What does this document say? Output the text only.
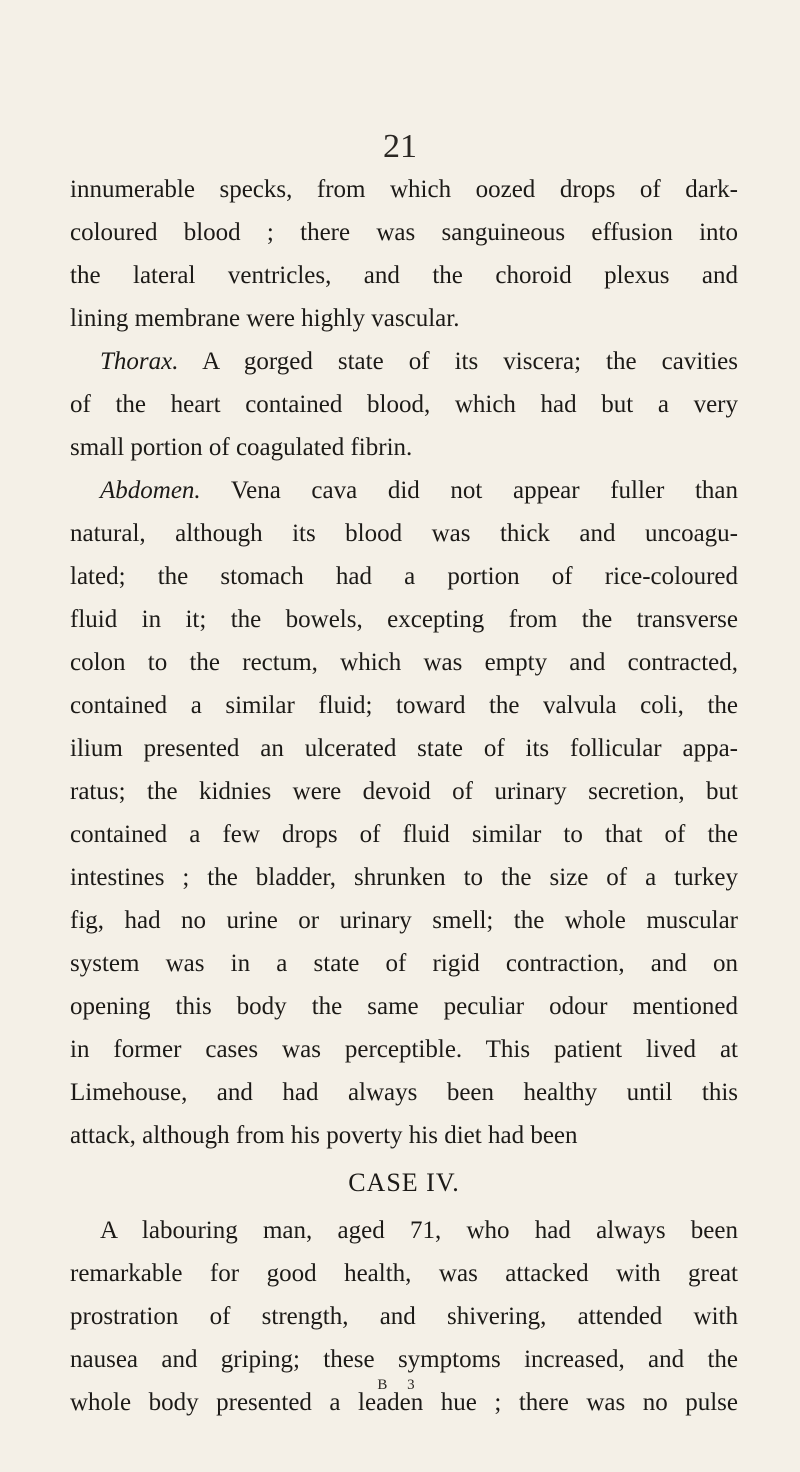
21
innumerable specks, from which oozed drops of dark-
coloured blood ; there was sanguineous effusion into
the lateral ventricles, and the choroid plexus and
lining membrane were highly vascular.
Thorax. A gorged state of its viscera; the cavities
of the heart contained blood, which had but a very
small portion of coagulated fibrin.
Abdomen. Vena cava did not appear fuller than
natural, although its blood was thick and uncoagu-
lated; the stomach had a portion of rice-coloured
fluid in it; the bowels, excepting from the transverse
colon to the rectum, which was empty and contracted,
contained a similar fluid; toward the valvula coli, the
ilium presented an ulcerated state of its follicular appa-
ratus; the kidnies were devoid of urinary secretion, but
contained a few drops of fluid similar to that of the
intestines ; the bladder, shrunken to the size of a turkey
fig, had no urine or urinary smell; the whole muscular
system was in a state of rigid contraction, and on
opening this body the same peculiar odour mentioned
in former cases was perceptible. This patient lived at
Limehouse, and had always been healthy until this
attack, although from his poverty his diet had been
CASE IV.
A labouring man, aged 71, who had always been
remarkable for good health, was attacked with great
prostration of strength, and shivering, attended with
nausea and griping; these symptoms increased, and the
whole body presented a leaden hue ; there was no pulse
B 3
